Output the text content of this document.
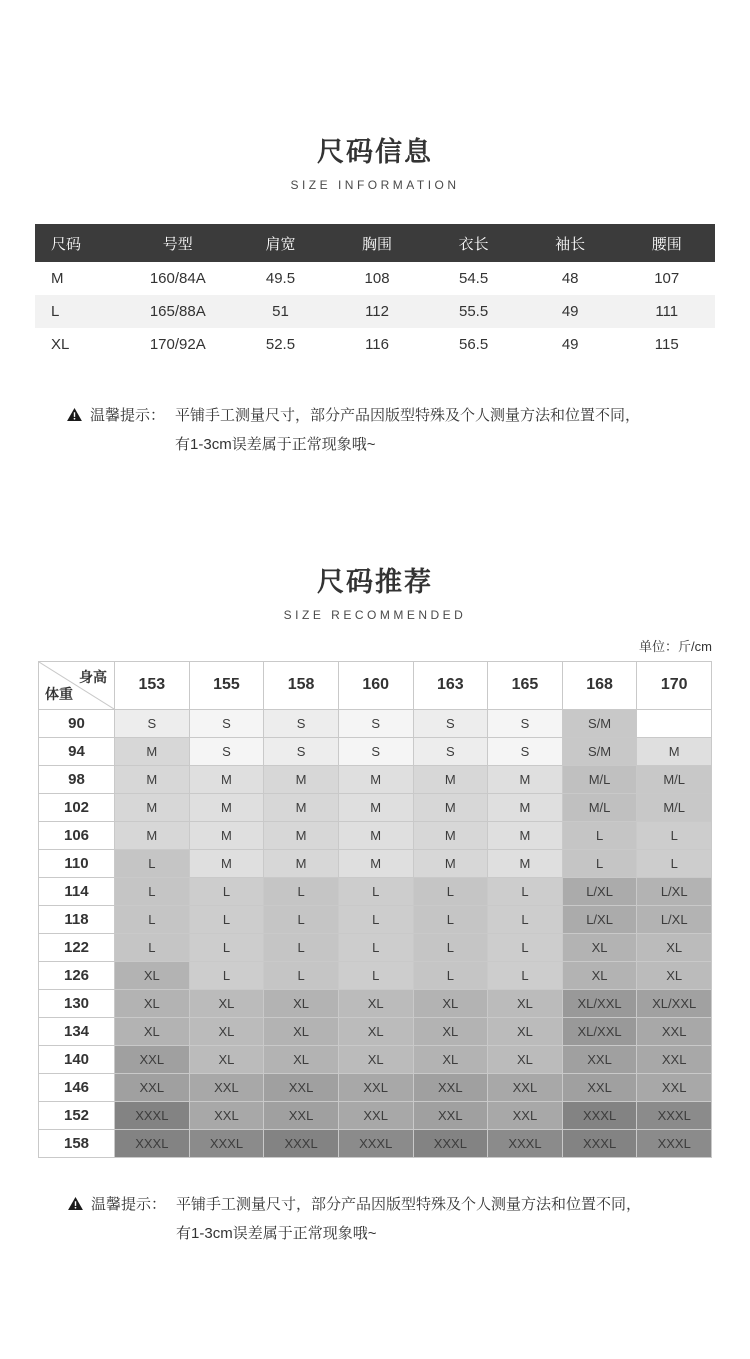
尺码信息
SIZE INFORMATION
尺码	号型	肩宽	胸围	衣长	袖长	腰围
M	160/84A	49.5	108	54.5	48	107
L	165/88A	51	112	55.5	49	111
XL	170/92A	52.5	116	56.5	49	115
温馨提示： 平铺手工测量尺寸，部分产品因版型特殊及个人测量方法和位置不同，
有1-3cm误差属于正常现象哦~
尺码推荐
SIZE RECOMMENDED
单位：斤/cm
身高
体重	153	155	158	160	163	165	168	170
90	S	S	S	S	S	S	S/M	
94	M	S	S	S	S	S	S/M	M
98	M	M	M	M	M	M	M/L	M/L
102	M	M	M	M	M	M	M/L	M/L
106	M	M	M	M	M	M	L	L
110	L	M	M	M	M	M	L	L
114	L	L	L	L	L	L	L/XL	L/XL
118	L	L	L	L	L	L	L/XL	L/XL
122	L	L	L	L	L	L	XL	XL
126	XL	L	L	L	L	L	XL	XL
130	XL	XL	XL	XL	XL	XL	XL/XXL	XL/XXL
134	XL	XL	XL	XL	XL	XL	XL/XXL	XXL
140	XXL	XL	XL	XL	XL	XL	XXL	XXL
146	XXL	XXL	XXL	XXL	XXL	XXL	XXL	XXL
152	XXXL	XXL	XXL	XXL	XXL	XXL	XXXL	XXXL
158	XXXL	XXXL	XXXL	XXXL	XXXL	XXXL	XXXL	XXXL
温馨提示： 平铺手工测量尺寸，部分产品因版型特殊及个人测量方法和位置不同，
有1-3cm误差属于正常现象哦~
